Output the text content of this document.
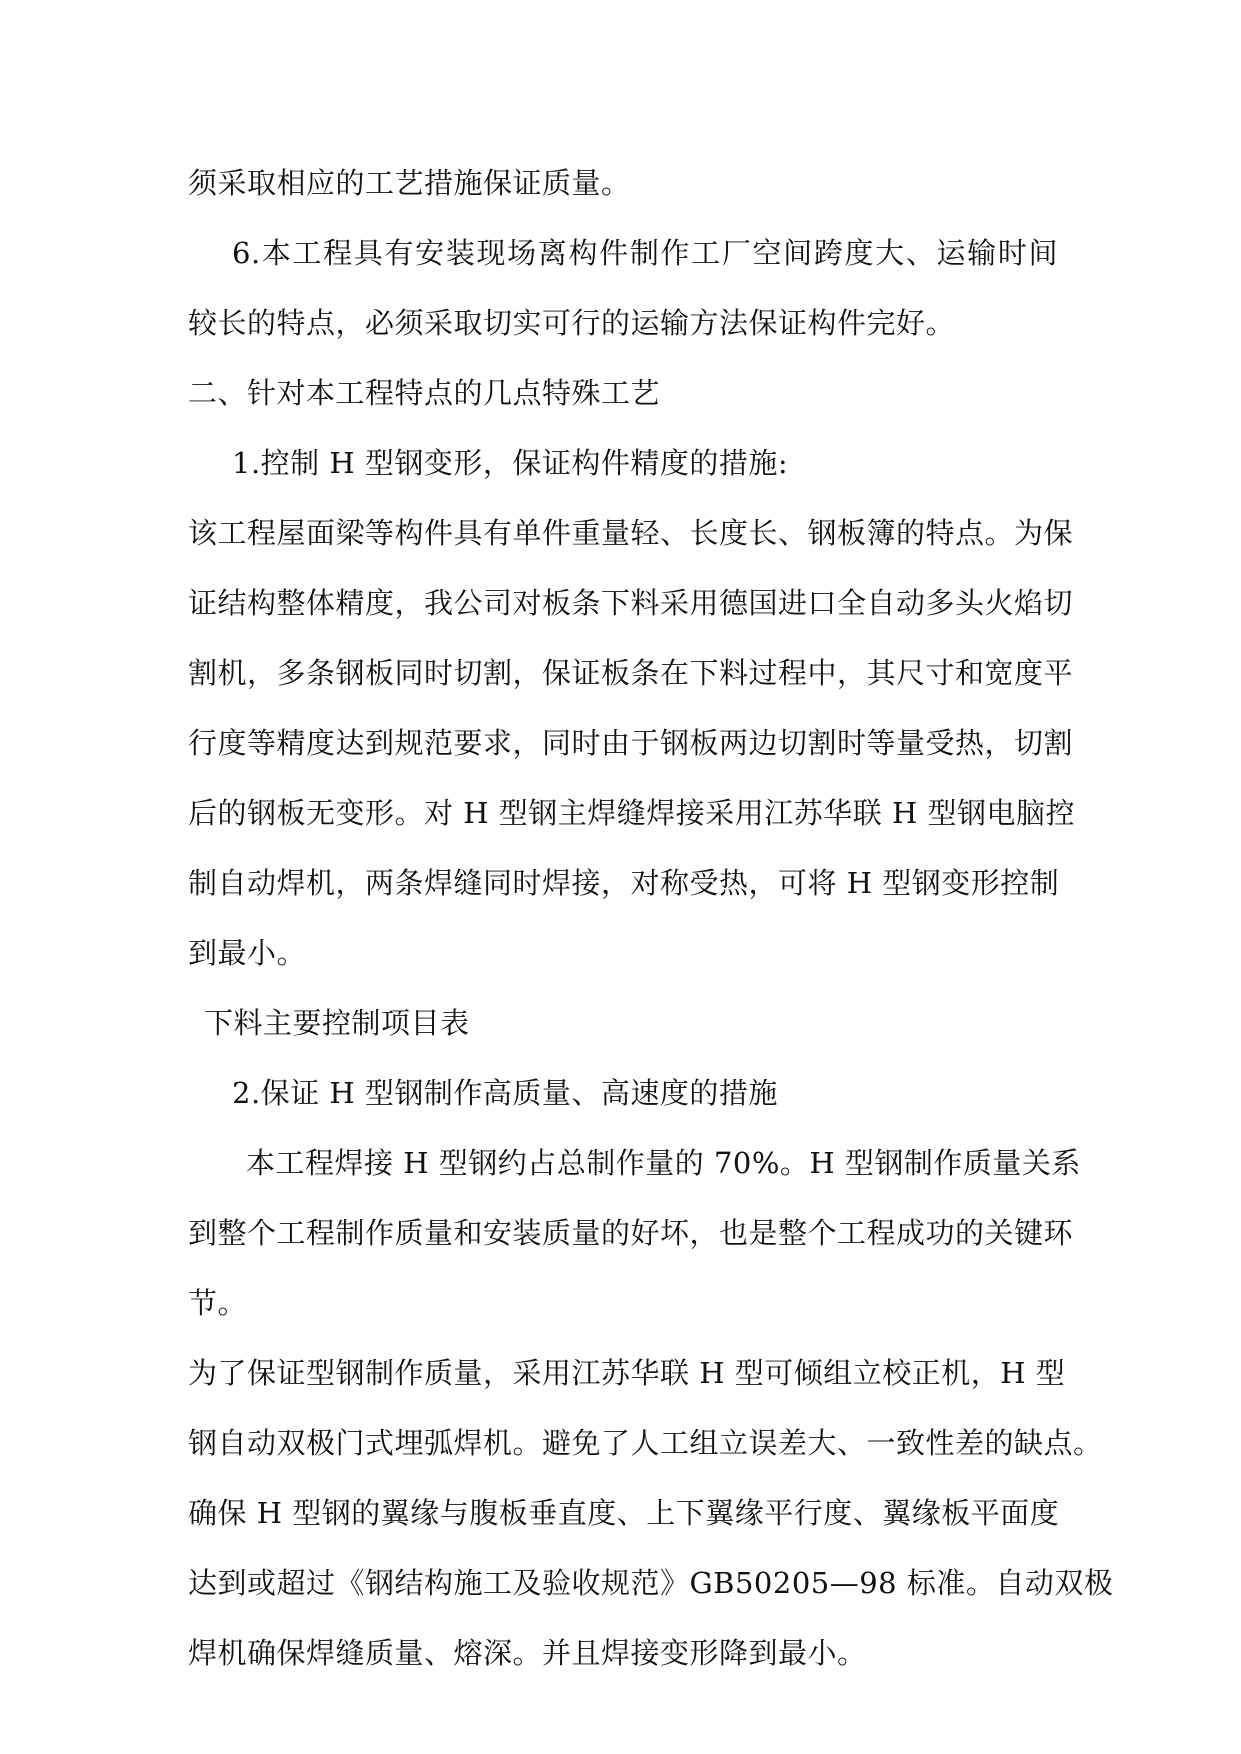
须采取相应的工艺措施保证质量。
6.本工程具有安装现场离构件制作工厂空间跨度大、运输时间
较长的特点，必须采取切实可行的运输方法保证构件完好。
二、针对本工程特点的几点特殊工艺
1.控制 H 型钢变形，保证构件精度的措施:
该工程屋面梁等构件具有单件重量轻、长度长、钢板簿的特点。为保
证结构整体精度，我公司对板条下料采用德国进口全自动多头火焰切
割机，多条钢板同时切割，保证板条在下料过程中，其尺寸和宽度平
行度等精度达到规范要求，同时由于钢板两边切割时等量受热，切割
后的钢板无变形。对 H 型钢主焊缝焊接采用江苏华联 H 型钢电脑控
制自动焊机，两条焊缝同时焊接，对称受热，可将 H 型钢变形控制
到最小。
下料主要控制项目表
2.保证 H 型钢制作高质量、高速度的措施
本工程焊接 H 型钢约占总制作量的 70%。H 型钢制作质量关系
到整个工程制作质量和安装质量的好坏，也是整个工程成功的关键环
节。
为了保证型钢制作质量，采用江苏华联 H 型可倾组立校正机，H 型
钢自动双极门式埋弧焊机。避免了人工组立误差大、一致性差的缺点。
确保 H 型钢的翼缘与腹板垂直度、上下翼缘平行度、翼缘板平面度
达到或超过《钢结构施工及验收规范》GB50205—98 标准。自动双极
焊机确保焊缝质量、熔深。并且焊接变形降到最小。
